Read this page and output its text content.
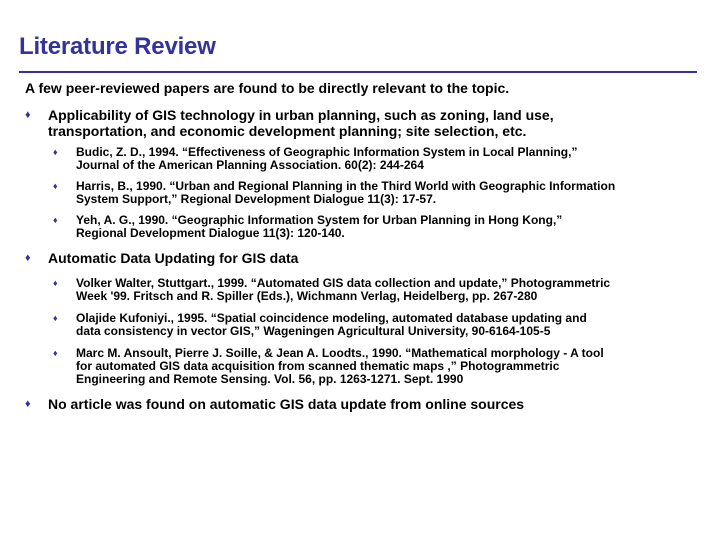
Literature Review
A few peer-reviewed papers are found to be directly relevant to the topic.
♦ Applicability of GIS technology in urban planning, such as zoning, land use,
transportation, and economic development planning; site selection, etc.
♦ Budic, Z. D., 1994. “Effectiveness of Geographic Information System in Local Planning,”
Journal of the American Planning Association. 60(2): 244-264
♦ Harris, B., 1990. “Urban and Regional Planning in the Third World with Geographic Information
System Support,” Regional Development Dialogue 11(3): 17-57.
♦ Yeh, A. G., 1990. “Geographic Information System for Urban Planning in Hong Kong,”
Regional Development Dialogue 11(3): 120-140.
♦ Automatic Data Updating for GIS data
♦ Volker Walter, Stuttgart., 1999. “Automated GIS data collection and update,” Photogrammetric
Week '99. Fritsch and R. Spiller (Eds.), Wichmann Verlag, Heidelberg, pp. 267-280
♦ Olajide Kufoniyi., 1995. “Spatial coincidence modeling, automated database updating and
data consistency in vector GIS,” Wageningen Agricultural University, 90-6164-105-5
♦ Marc M. Ansoult, Pierre J. Soille, & Jean A. Loodts., 1990. “Mathematical morphology - A tool
for automated GIS data acquisition from scanned thematic maps ,” Photogrammetric
Engineering and Remote Sensing. Vol. 56, pp. 1263-1271. Sept. 1990
♦ No article was found on automatic GIS data update from online sources
